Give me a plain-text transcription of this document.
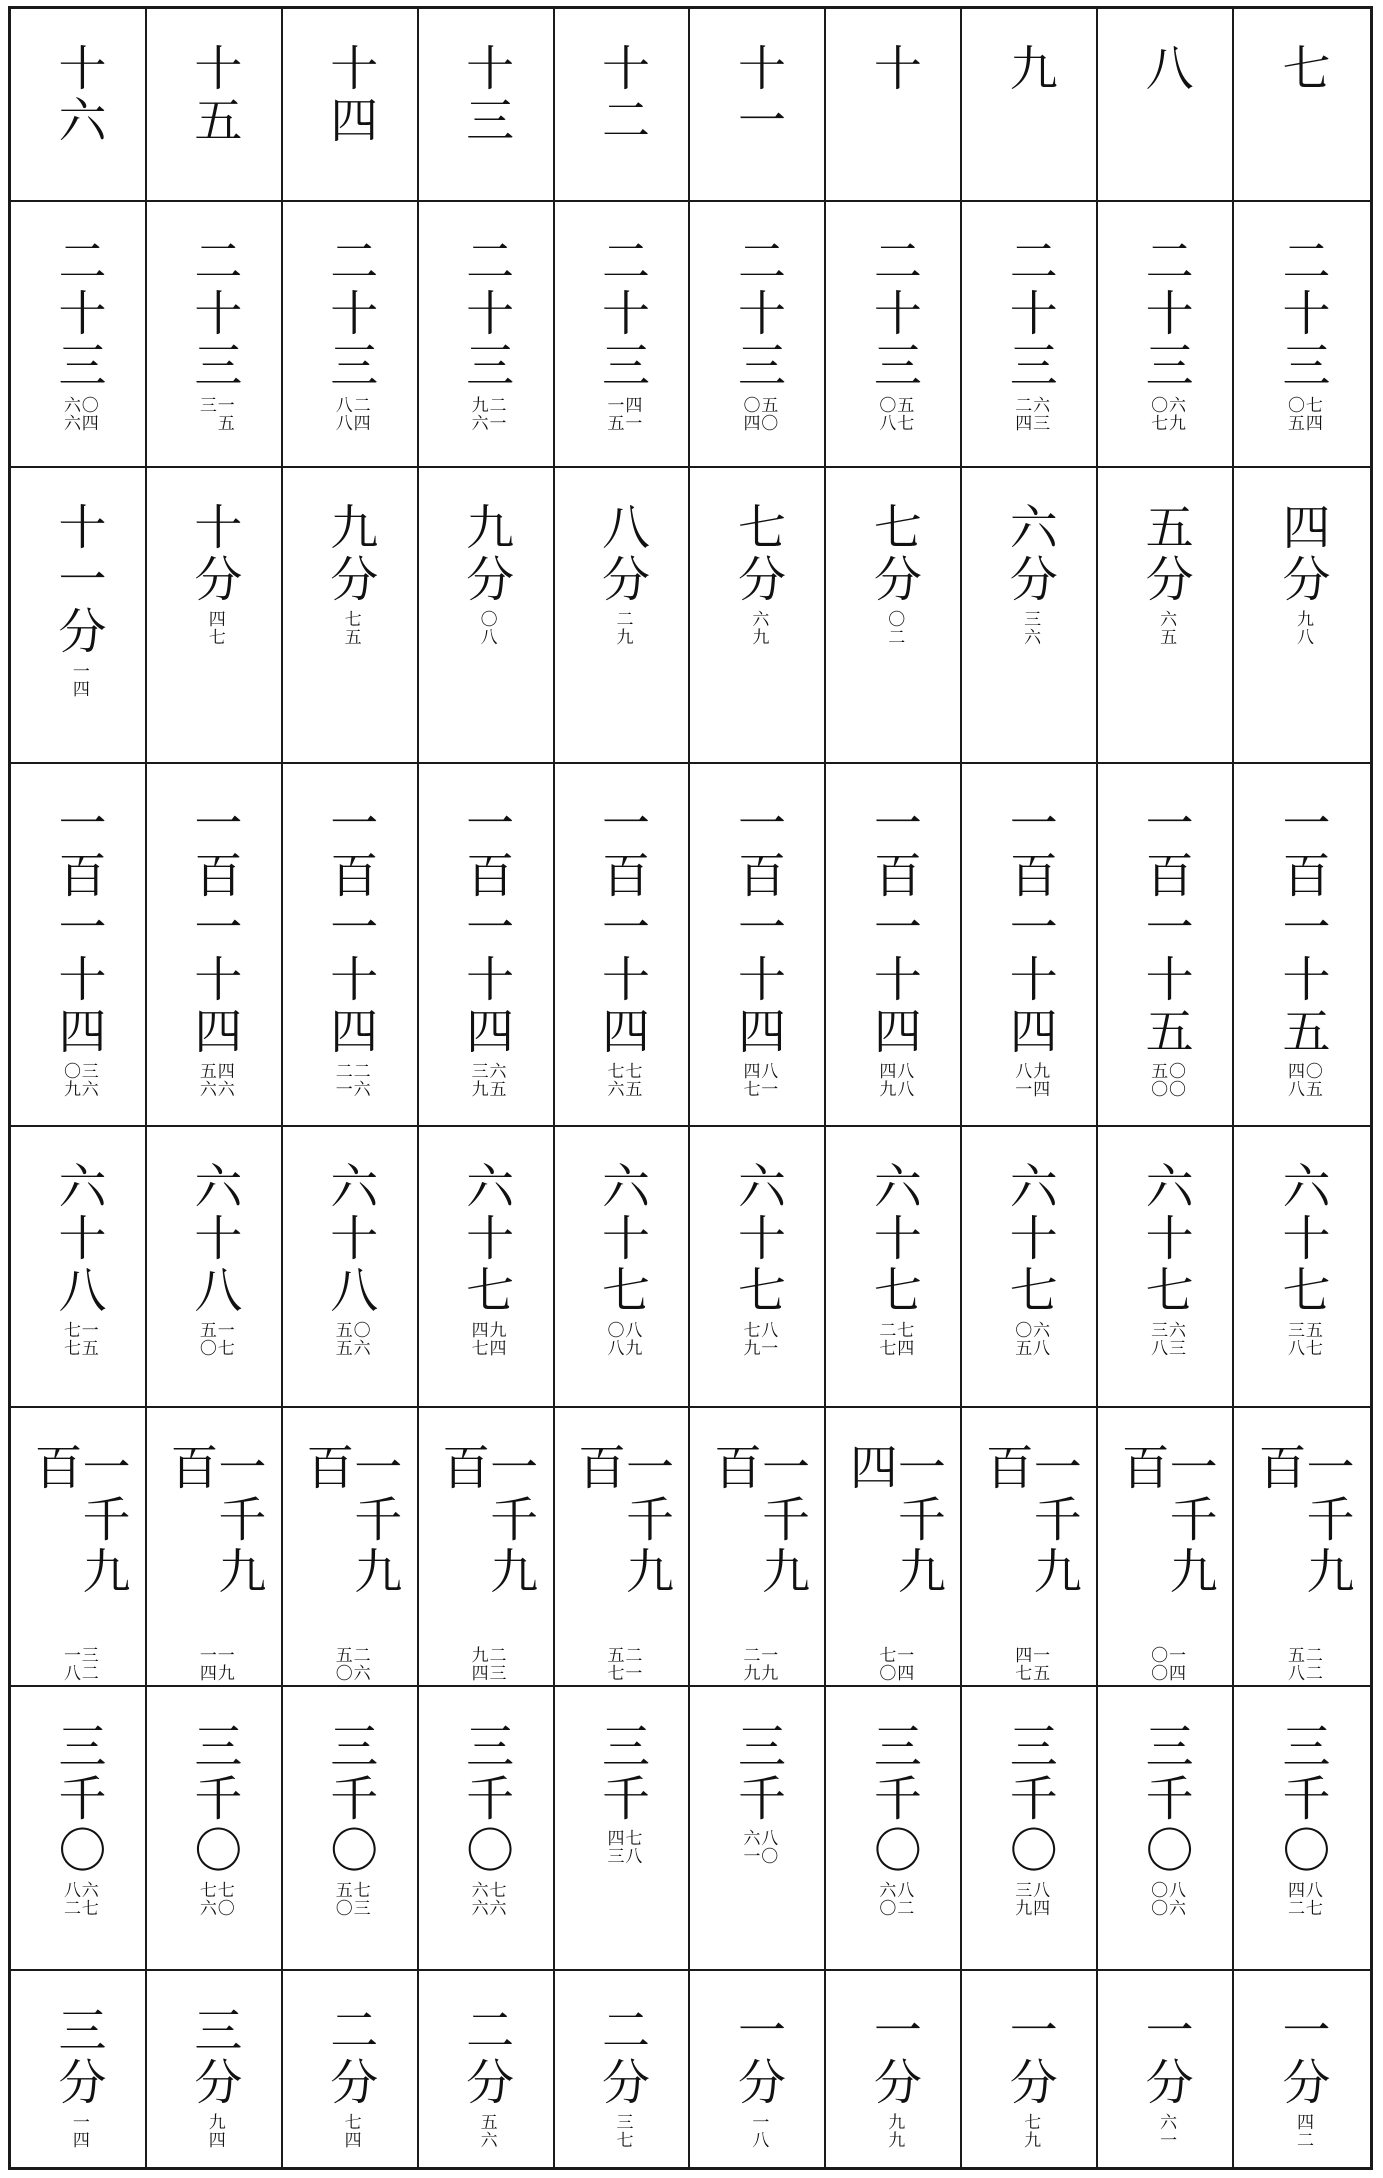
十六 十五 十四 十三 十二 十一 十 九 八 七
二十三
〇四六六
二十三
一五三
二十三
二四八八
二十三
二一九六
二十三
四一一五
二十三
五〇〇四
二十三
五七〇八
二十三
六三二四
二十三
六九〇七
二十三
七四〇五
十一分
一四
十分
四七
九分
七五
九分
〇八
八分
二九
七分
六九
七分
〇二
六分
三六
五分
六五
四分
九八
一百一十四
三六〇九
一百一十四
四六五六
一百一十四
二六二一
一百一十四
六五三九
一百一十四
七五七六
一百一十四
八一四七
一百一十四
八八四九
一百一十四
九四八一
一百一十五
〇〇五〇
一百一十五
〇五四八
六十八
一五七七
六十八
一七五〇
六十八
〇六五五
六十七
九四四七
六十七
八九〇八
六十七
八一七九
六十七
七四二七
六十七
六八〇五
六十七
六三三八
六十七
五七三八
一千九百
三二一八
一千九百
一九一四
一千九百
二六五〇
一千九百
二三九四
一千九百
二一五七
一千九百
一九二九
一千九四
一四七〇
一千九百
一五四七
一千九百
一四〇〇
一千九百
二二五八
三千〇
六七八二
三千〇
七〇七六
三千〇
七三五〇
三千〇
七六六六
三千
七八四三
三千
八〇六一	三千〇
八二六〇
三千〇
八四三九
三千〇
八六〇〇
三千〇
八七四二
三分
一四
三分
九四
二分
七四
二分
五六
二分
三七
一分
一八
一分
九九
一分
七九
一分
六一
一分
四二
